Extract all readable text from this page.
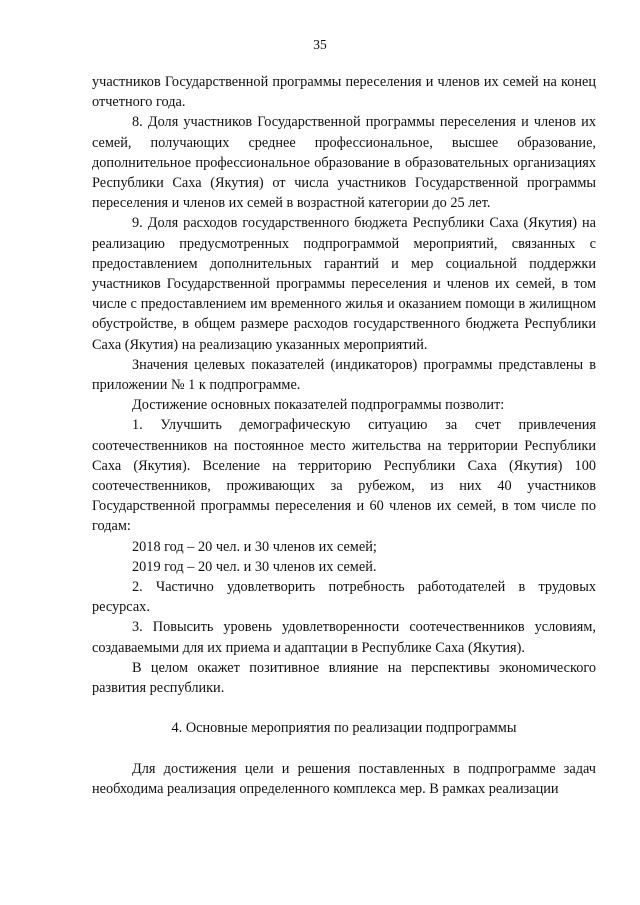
35

участников Государственной программы переселения и членов их семей на конец отчетного года.

8. Доля участников Государственной программы переселения и членов их семей, получающих среднее профессиональное, высшее образование, дополнительное профессиональное образование в образовательных организациях Республики Саха (Якутия) от числа участников Государственной программы переселения и членов их семей в возрастной категории до 25 лет.

9. Доля расходов государственного бюджета Республики Саха (Якутия) на реализацию предусмотренных подпрограммой мероприятий, связанных с предоставлением дополнительных гарантий и мер социальной поддержки участников Государственной программы переселения и членов их семей, в том числе с предоставлением им временного жилья и оказанием помощи в жилищном обустройстве, в общем размере расходов государственного бюджета Республики Саха (Якутия) на реализацию указанных мероприятий.

Значения целевых показателей (индикаторов) программы представлены в приложении № 1 к подпрограмме.

Достижение основных показателей подпрограммы позволит:

1. Улучшить демографическую ситуацию за счет привлечения соотечественников на постоянное место жительства на территории Республики Саха (Якутия). Вселение на территорию Республики Саха (Якутия) 100 соотечественников, проживающих за рубежом, из них 40 участников Государственной программы переселения и 60 членов их семей, в том числе по годам:

2018 год – 20 чел. и 30 членов их семей;

2019 год – 20 чел. и 30 членов их семей.

2. Частично удовлетворить потребность работодателей в трудовых ресурсах.

3. Повысить уровень удовлетворенности соотечественников условиям, создаваемыми для их приема и адаптации в Республике Саха (Якутия).

В целом окажет позитивное влияние на перспективы экономического развития республики.

4. Основные мероприятия по реализации подпрограммы

Для достижения цели и решения поставленных в подпрограмме задач необходима реализация определенного комплекса мер. В рамках реализации
